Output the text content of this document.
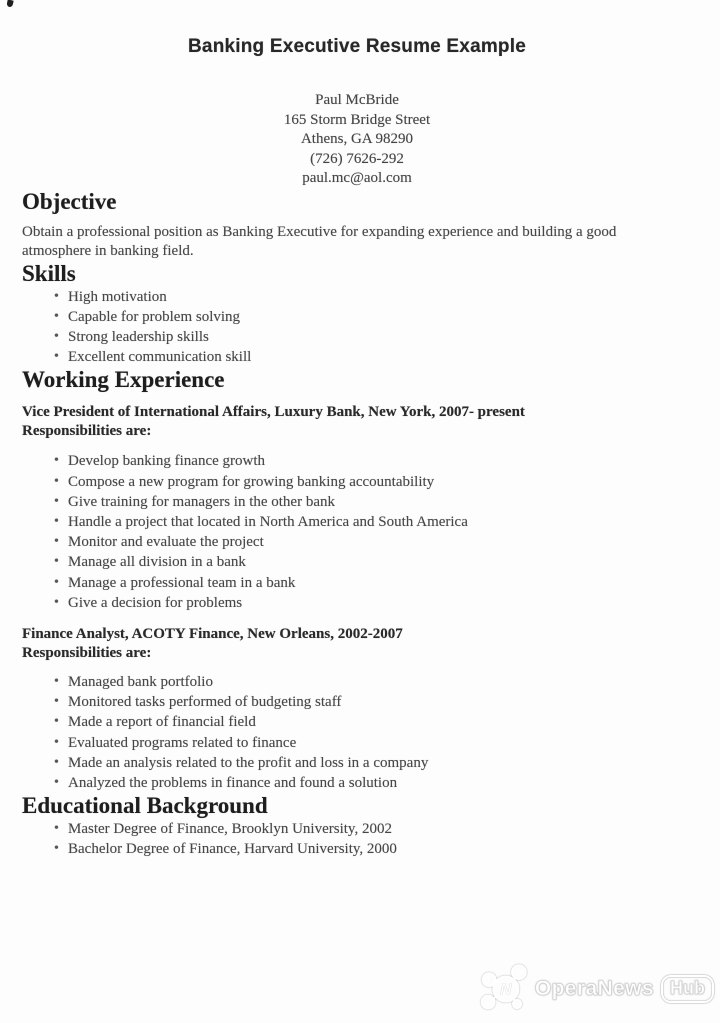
Banking Executive Resume Example
Paul McBride
165 Storm Bridge Street
Athens, GA 98290
(726) 7626-292
paul.mc@aol.com
Objective

Obtain a professional position as Banking Executive for expanding experience and building a good atmosphere in banking field.

Skills
• High motivation
• Capable for problem solving
• Strong leadership skills
• Excellent communication skill
Working Experience

Vice President of International Affairs, Luxury Bank, New York, 2007- present

Responsibilities are:

• Develop banking finance growth
• Compose a new program for growing banking accountability
• Give training for managers in the other bank
• Handle a project that located in North America and South America
• Monitor and evaluate the project
• Manage all division in a bank
• Manage a professional team in a bank
• Give a decision for problems

Finance Analyst, ACOTY Finance, New Orleans, 2002-2007

Responsibilities are:

• Managed bank portfolio
• Monitored tasks performed of budgeting staff
• Made a report of financial field
• Evaluated programs related to finance
• Made an analysis related to the profit and loss in a company
• Analyzed the problems in finance and found a solution
Educational Background
• Master Degree of Finance, Brooklyn University, 2002
• Bachelor Degree of Finance, Harvard University, 2000
N OperaNews Hub
